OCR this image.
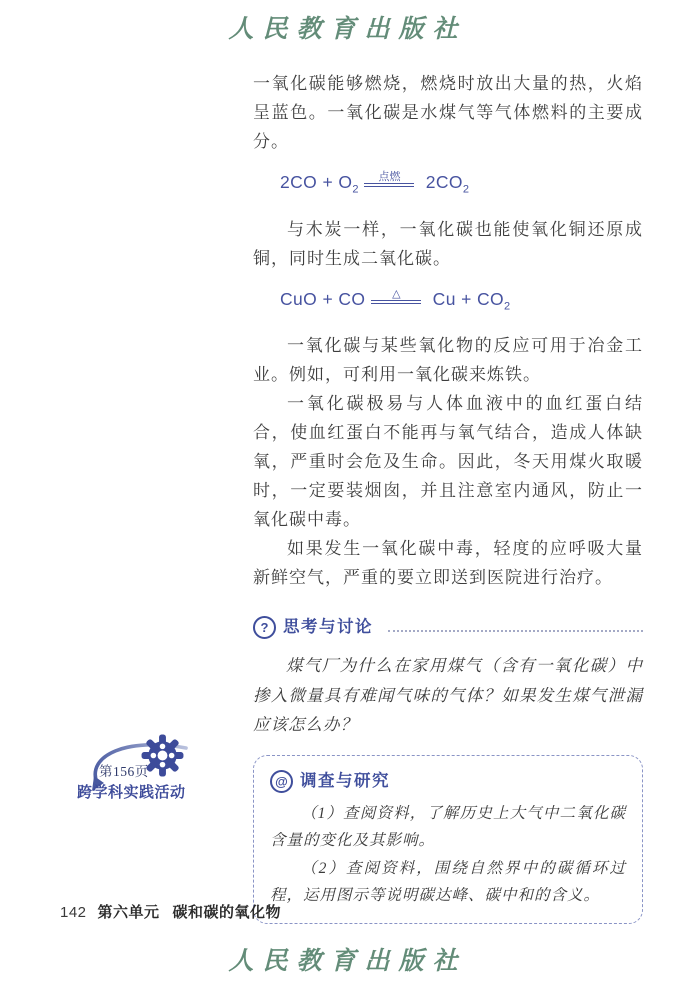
人民教育出版社

一氧化碳能够燃烧，燃烧时放出大量的热，火焰呈蓝色。一氧化碳是水煤气等气体燃料的主要成分。

$2CO + O_2$
点燃 $2CO_2$

与木炭一样，一氧化碳也能使氧化铜还原成铜，同时生成二氧化碳。

CuO + CO △ $Cu + CO_2$

一氧化碳与某些氧化物的反应可用于冶金工业。例如，可利用一氧化碳来炼铁。

一氧化碳极易与人体血液中的血红蛋白结合，使血红蛋白不能再与氧气结合，造成人体缺氧，严重时会危及生命。因此，冬天用煤火取暖时，一定要装烟囱，并且注意室内通风，防止一氧化碳中毒。

如果发生一氧化碳中毒，轻度的应呼吸大量新鲜空气，严重的要立即送到医院进行治疗。

? 思考与讨论

煤气厂为什么在家用煤气（含有一氧化碳）中掺入微量具有难闻气味的气体？如果发生煤气泄漏应该怎么办？

@ 调查与研究

（1）查阅资料，了解历史上大气中二氧化碳含量的变化及其影响。

（2）查阅资料，围绕自然界中的碳循环过程，运用图示等说明碳达峰、碳中和的含义。

第156页
跨学科实践活动
142 第六单元 碳和碳的氧化物
人民教育出版社
